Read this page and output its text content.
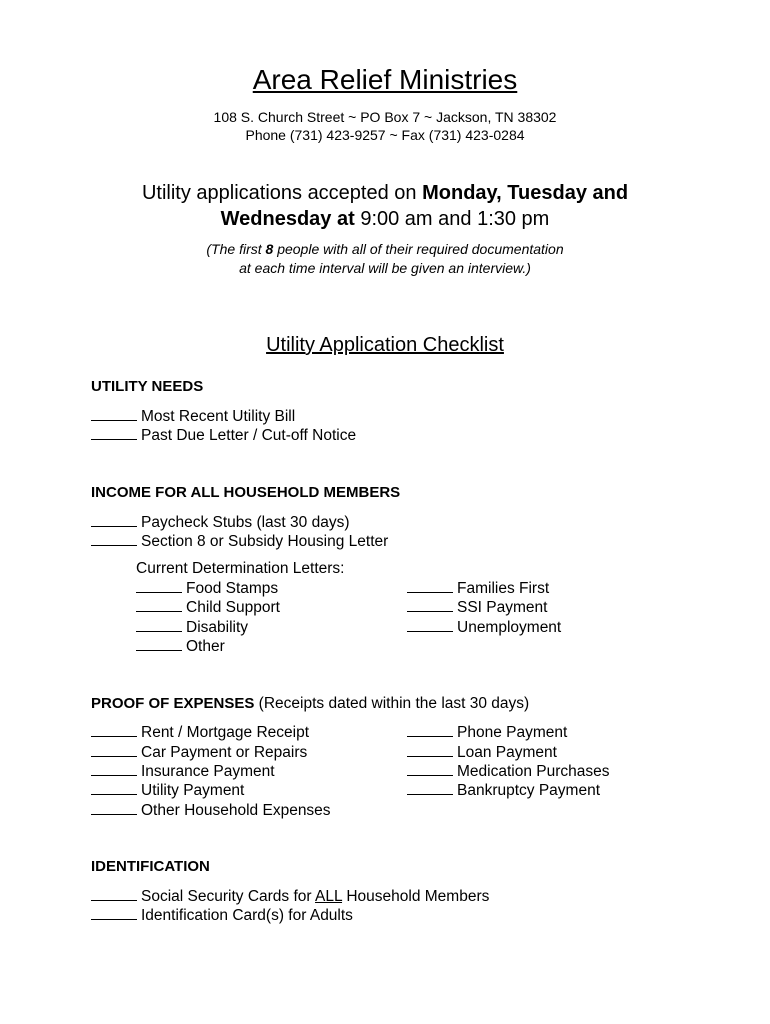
Area Relief Ministries
108 S. Church Street ~ PO Box 7 ~ Jackson, TN 38302
Phone (731) 423-9257 ~ Fax (731) 423-0284
Utility applications accepted on Monday, Tuesday and
Wednesday at 9:00 am and 1:30 pm
(The first 8 people with all of their required documentation
at each time interval will be given an interview.)
Utility Application Checklist
UTILITY NEEDS
Most Recent Utility Bill
Past Due Letter / Cut-off Notice
INCOME FOR ALL HOUSEHOLD MEMBERS
Paycheck Stubs (last 30 days)
Section 8 or Subsidy Housing Letter
Current Determination Letters:
Food Stamps
Child Support
Disability
Other
Families First
SSI Payment
Unemployment
PROOF OF EXPENSES (Receipts dated within the last 30 days)
Rent / Mortgage Receipt
Car Payment or Repairs
Insurance Payment
Utility Payment
Other Household Expenses
Phone Payment
Loan Payment
Medication Purchases
Bankruptcy Payment
IDENTIFICATION
Social Security Cards for ALL Household Members
Identification Card(s) for Adults
